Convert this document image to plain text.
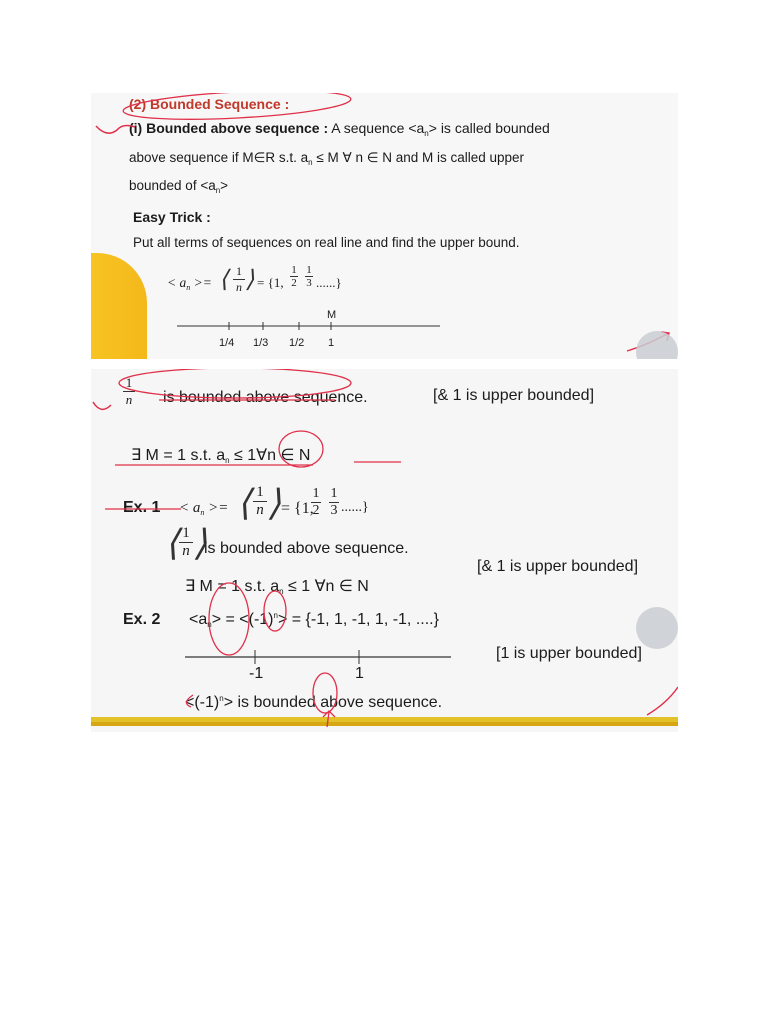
(2) Bounded Sequence :
(i) Bounded above sequence : A sequence $<a_n>$ is called bounded
above sequence if M∈R s.t. $a_n \le M$ ∀ n ∈ N and M is called upper
bounded of $<a_n>$
Easy Trick :
Put all terms of sequences on real line and find the upper bound.
< $a_n$ >= ⟨ $\frac{1}{n}$ ⟩ = {1, $\frac{1}{2} \frac{1}{3}$ ......}
M
1/4 1/3 1/2 1
$\frac{1}{n}$ is bounded above sequence.	[& 1 is upper bounded]
∃ M = 1 s.t. $a_n$ ≤ 1∀n ∈ N
Ex. $1 < a_n$ >= ⟨ $\frac{1}{n}$ ⟩ = {1,
$\frac{1}{2} \frac{1}{3}$ ......}
⟨ $\frac{1}{n}$ ⟩
is bounded above sequence.
[& 1 is upper bounded]
∃ M = 1 s.t. $a_n \le 1$ ∀n ∈ N
Ex. $2 <a_n> = <(-1)^n> = \{-1$, 1, -1, 1, -1, ....}
[1 is upper bounded]
-1	1
$<(-1)^n>$ is bounded above sequence.
